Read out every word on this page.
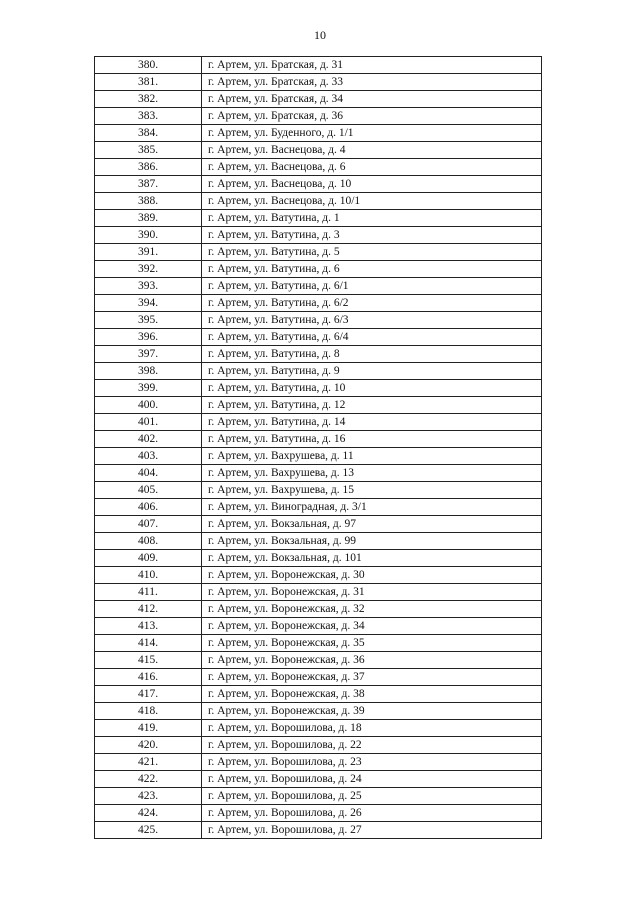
10
380.	г. Артем, ул. Братская, д. 31
381.	г. Артем, ул. Братская, д. 33
382.	г. Артем, ул. Братская, д. 34
383.	г. Артем, ул. Братская, д. 36
384.	г. Артем, ул. Буденного, д. 1/1
385.	г. Артем, ул. Васнецова, д. 4
386.	г. Артем, ул. Васнецова, д. 6
387.	г. Артем, ул. Васнецова, д. 10
388.	г. Артем, ул. Васнецова, д. 10/1
389.	г. Артем, ул. Ватутина, д. 1
390.	г. Артем, ул. Ватутина, д. 3
391.	г. Артем, ул. Ватутина, д. 5
392.	г. Артем, ул. Ватутина, д. 6
393.	г. Артем, ул. Ватутина, д. 6/1
394.	г. Артем, ул. Ватутина, д. 6/2
395.	г. Артем, ул. Ватутина, д. 6/3
396.	г. Артем, ул. Ватутина, д. 6/4
397.	г. Артем, ул. Ватутина, д. 8
398.	г. Артем, ул. Ватутина, д. 9
399.	г. Артем, ул. Ватутина, д. 10
400.	г. Артем, ул. Ватутина, д. 12
401.	г. Артем, ул. Ватутина, д. 14
402.	г. Артем, ул. Ватутина, д. 16
403.	г. Артем, ул. Вахрушева, д. 11
404.	г. Артем, ул. Вахрушева, д. 13
405.	г. Артем, ул. Вахрушева, д. 15
406.	г. Артем, ул. Виноградная, д. 3/1
407.	г. Артем, ул. Вокзальная, д. 97
408.	г. Артем, ул. Вокзальная, д. 99
409.	г. Артем, ул. Вокзальная, д. 101
410.	г. Артем, ул. Воронежская, д. 30
411.	г. Артем, ул. Воронежская, д. 31
412.	г. Артем, ул. Воронежская, д. 32
413.	г. Артем, ул. Воронежская, д. 34
414.	г. Артем, ул. Воронежская, д. 35
415.	г. Артем, ул. Воронежская, д. 36
416.	г. Артем, ул. Воронежская, д. 37
417.	г. Артем, ул. Воронежская, д. 38
418.	г. Артем, ул. Воронежская, д. 39
419.	г. Артем, ул. Ворошилова, д. 18
420.	г. Артем, ул. Ворошилова, д. 22
421.	г. Артем, ул. Ворошилова, д. 23
422.	г. Артем, ул. Ворошилова, д. 24
423.	г. Артем, ул. Ворошилова, д. 25
424.	г. Артем, ул. Ворошилова, д. 26
425.	г. Артем, ул. Ворошилова, д. 27
